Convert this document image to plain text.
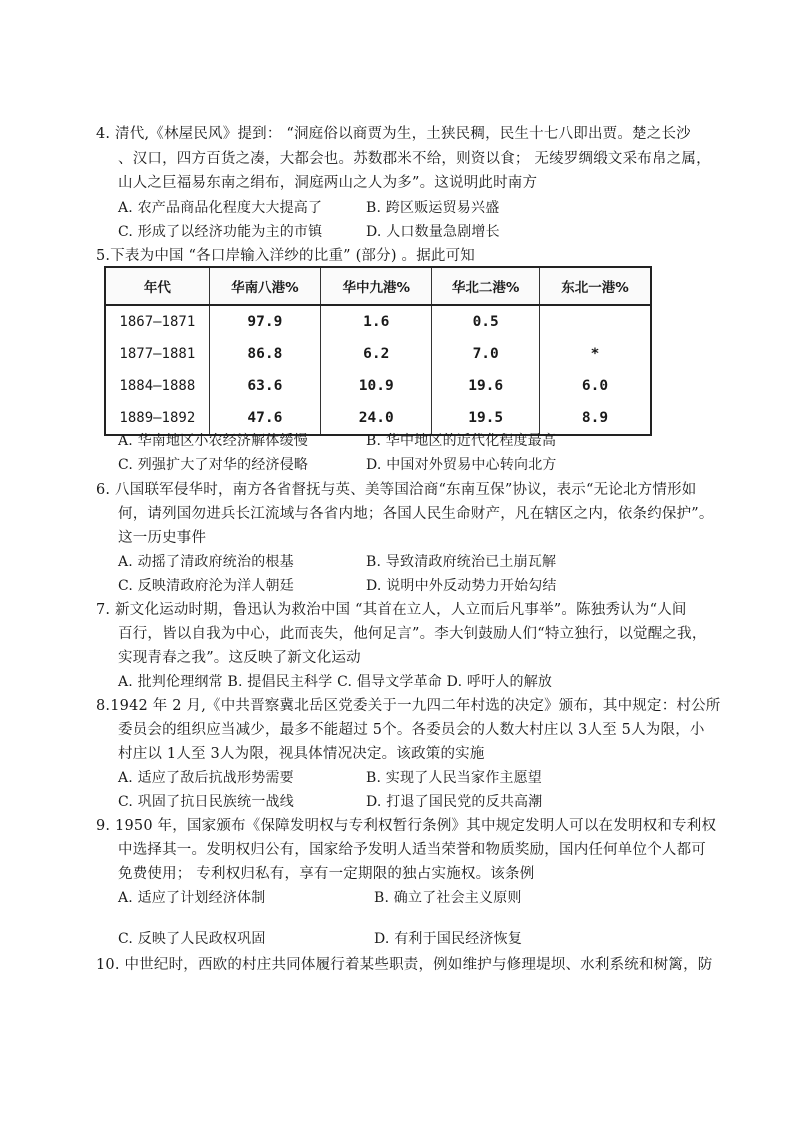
4. 清代,《林屋民风》提到： “洞庭俗以商贾为生，土狭民稠，民生十七八即出贾。楚之长沙
、汉口，四方百货之凑，大都会也。苏数郡米不给，则资以食； 无绫罗绸缎文采布帛之属，
山人之巨福易东南之绢布，洞庭两山之人为多”。这说明此时南方
A. 农产品商品化程度大大提高了	B. 跨区贩运贸易兴盛
C. 形成了以经济功能为主的市镇	D. 人口数量急剧增长
5.下表为中国 “各口岸输入洋纱的比重” (部分) 。据此可知
年代	华南八港%	华中九港%	华北二港%	东北一港%
1867—1871	97.9	1.6	0.5	
1877—1881	86.8	6.2	7.0	*
1884—1888	63.6	10.9	19.6	6.0
1889—1892	47.6	24.0	19.5	8.9
A. 华南地区小农经济解体缓慢	B. 华中地区的近代化程度最高
C. 列强扩大了对华的经济侵略	D. 中国对外贸易中心转向北方
6. 八国联军侵华时，南方各省督抚与英、美等国洽商“东南互保”协议，表示“无论北方情形如
何，请列国勿进兵长江流域与各省内地；各国人民生命财产，凡在辖区之内，依条约保护”。
这一历史事件
A. 动摇了清政府统治的根基	B. 导致清政府统治已土崩瓦解
C. 反映清政府沦为洋人朝廷	D. 说明中外反动势力开始勾结
7. 新文化运动时期，鲁迅认为救治中国 “其首在立人，人立而后凡事举”。陈独秀认为“人间
百行，皆以自我为中心，此而丧失，他何足言”。李大钊鼓励人们“特立独行，以觉醒之我，
实现青春之我”。这反映了新文化运动
A. 批判伦理纲常 B. 提倡民主科学 C. 倡导文学革命 D. 呼吁人的解放
8.1942 年 2 月,《中共晋察冀北岳区党委关于一九四二年村选的决定》颁布，其中规定：村公所
委员会的组织应当减少，最多不能超过 5个。各委员会的人数大村庄以 3人至 5人为限，小
村庄以 1人至 3人为限，视具体情况决定。该政策的实施
A. 适应了敌后抗战形势需要	B. 实现了人民当家作主愿望
C. 巩固了抗日民族统一战线	D. 打退了国民党的反共高潮
9. 1950 年，国家颁布《保障发明权与专利权暂行条例》其中规定发明人可以在发明权和专利权
中选择其一。发明权归公有，国家给予发明人适当荣誉和物质奖励，国内任何单位个人都可
免费使用； 专利权归私有，享有一定期限的独占实施权。该条例
A. 适应了计划经济体制	B. 确立了社会主义原则
C. 反映了人民政权巩固	D. 有利于国民经济恢复
10. 中世纪时，西欧的村庄共同体履行着某些职责，例如维护与修理堤坝、水利系统和树篱，防
